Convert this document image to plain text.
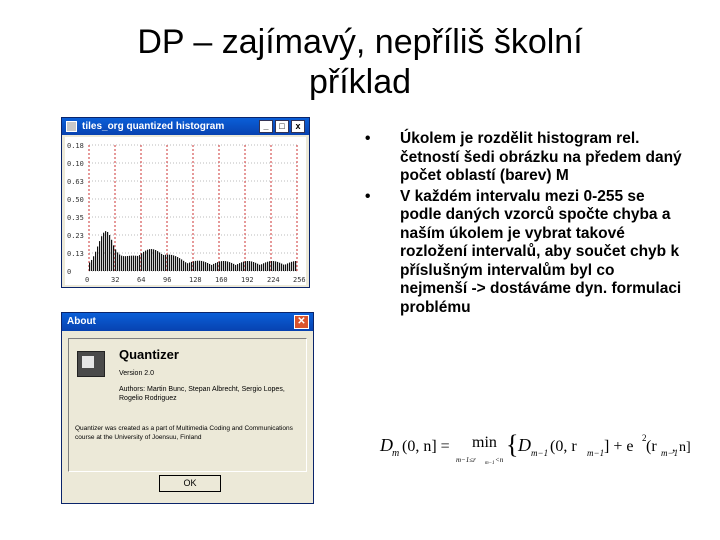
DP – zajímavý, nepříliš školní
příklad
tiles_org quantized histogram	_	□	x
0.18
0.10
0.63
0.50
0.35
0.23
0.13
0
0	32	64	96	128 160 192 224 256
About	✕
Quantizer
Version 2.0
Authors: Martin Bunc, Stepan Albrecht, Sergio Lopes, Rogelio Rodriguez
Quantizer was created as a part of Multimedia Coding and Communications course at the University of Joensuu, Finland
OK
• Úkolem je rozdělit histogram rel. četností šedi obrázku na předem daný počet oblastí (barev) M
• V každém intervalu mezi 0-255 se podle daných vzorců spočte chyba a naším úkolem je vybrat takové rozložení intervalů, aby součet chyb k příslušným intervalům byl co nejmenší -> dostáváme dyn. formulaci problému
D m (0, n] = min
m−1≤r m−1 <n
{ D m−1 (0, r m−1 ] + e 2 (r m−1
, n]
